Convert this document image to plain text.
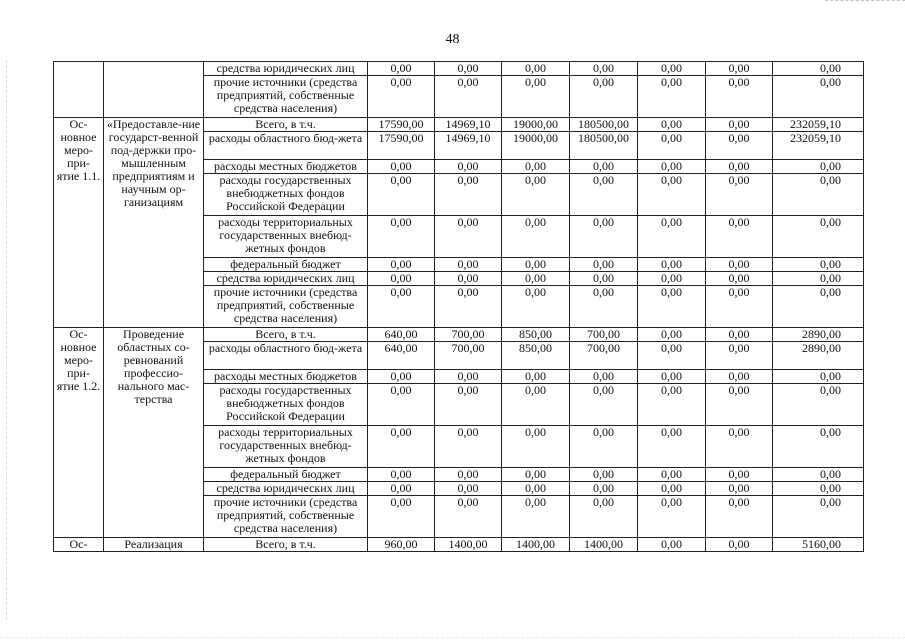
48
		средства юридических лиц	0,00	0,00	0,00	0,00	0,00	0,00	0,00
		прочие источники (средства предприятий, собственные средства населения)	0,00	0,00	0,00	0,00	0,00	0,00	0,00
Ос-новное меро-при-ятие 1.1.	«Предоставле-ние государст-венной под-держки про-мышленным предприятиям и научным ор-ганизациям	Всего, в т.ч.	17590,00	14969,10	19000,00	180500,00	0,00	0,00	232059,10
		расходы областного бюд-жета	17590,00	14969,10	19000,00	180500,00	0,00	0,00	232059,10
		расходы местных бюджетов	0,00	0,00	0,00	0,00	0,00	0,00	0,00
		расходы государственных внебюджетных фондов Российской Федерации	0,00	0,00	0,00	0,00	0,00	0,00	0,00
		расходы территориальных государственных внебюд-жетных фондов	0,00	0,00	0,00	0,00	0,00	0,00	0,00
		федеральный бюджет	0,00	0,00	0,00	0,00	0,00	0,00	0,00
		средства юридических лиц	0,00	0,00	0,00	0,00	0,00	0,00	0,00
		прочие источники (средства предприятий, собственные средства населения)	0,00	0,00	0,00	0,00	0,00	0,00	0,00
Ос-новное меро-при-ятие 1.2.	Проведение областных со-ревнований профессио-нального мас-терства	Всего, в т.ч.	640,00	700,00	850,00	700,00	0,00	0,00	2890,00
		расходы областного бюд-жета	640,00	700,00	850,00	700,00	0,00	0,00	2890,00
		расходы местных бюджетов	0,00	0,00	0,00	0,00	0,00	0,00	0,00
		расходы государственных внебюджетных фондов Российской Федерации	0,00	0,00	0,00	0,00	0,00	0,00	0,00
		расходы территориальных государственных внебюд-жетных фондов	0,00	0,00	0,00	0,00	0,00	0,00	0,00
		федеральный бюджет	0,00	0,00	0,00	0,00	0,00	0,00	0,00
		средства юридических лиц	0,00	0,00	0,00	0,00	0,00	0,00	0,00
		прочие источники (средства предприятий, собственные средства населения)	0,00	0,00	0,00	0,00	0,00	0,00	0,00
Ос-	Реализация	Всего, в т.ч.	960,00	1400,00	1400,00	1400,00	0,00	0,00	5160,00
